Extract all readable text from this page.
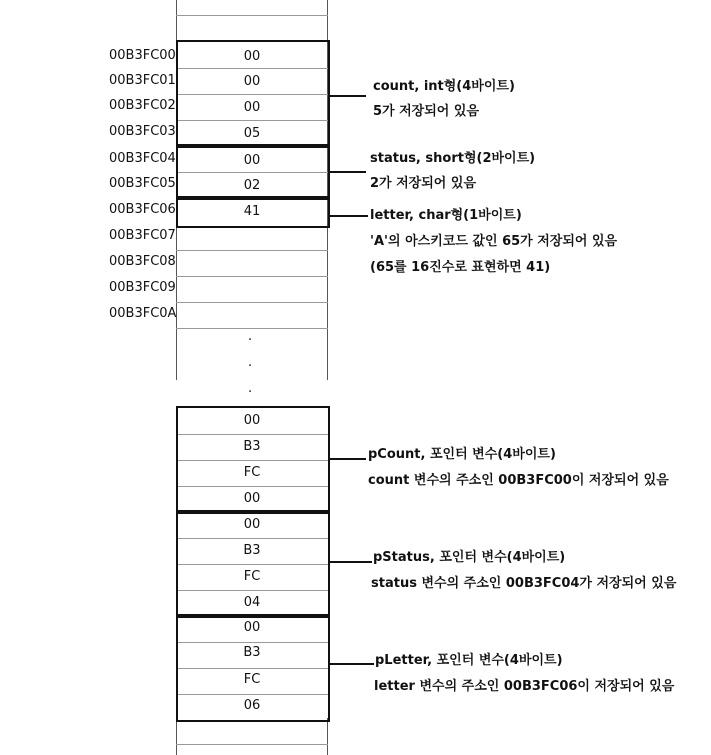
00B3FC00
00B3FC01
00B3FC02
00B3FC03
00B3FC04
00B3FC05
00B3FC06
00B3FC07
00B3FC08
00B3FC09
00B3FC0A
00
00
00
05
00
02
41
.
.
.
00
B3
FC
00
00
B3
FC
04
00
B3
FC
06
count, int형(4바이트)
5가 저장되어 있음
status, short형(2바이트)
2가 저장되어 있음
letter, char형(1바이트)
'A'의 아스키코드 값인 65가 저장되어 있음
(65를 16진수로 표현하면 41)
pCount, 포인터 변수(4바이트)
count 변수의 주소인 00B3FC00이 저장되어 있음
pStatus, 포인터 변수(4바이트)
status 변수의 주소인 00B3FC04가 저장되어 있음
pLetter, 포인터 변수(4바이트)
letter 변수의 주소인 00B3FC06이 저장되어 있음
